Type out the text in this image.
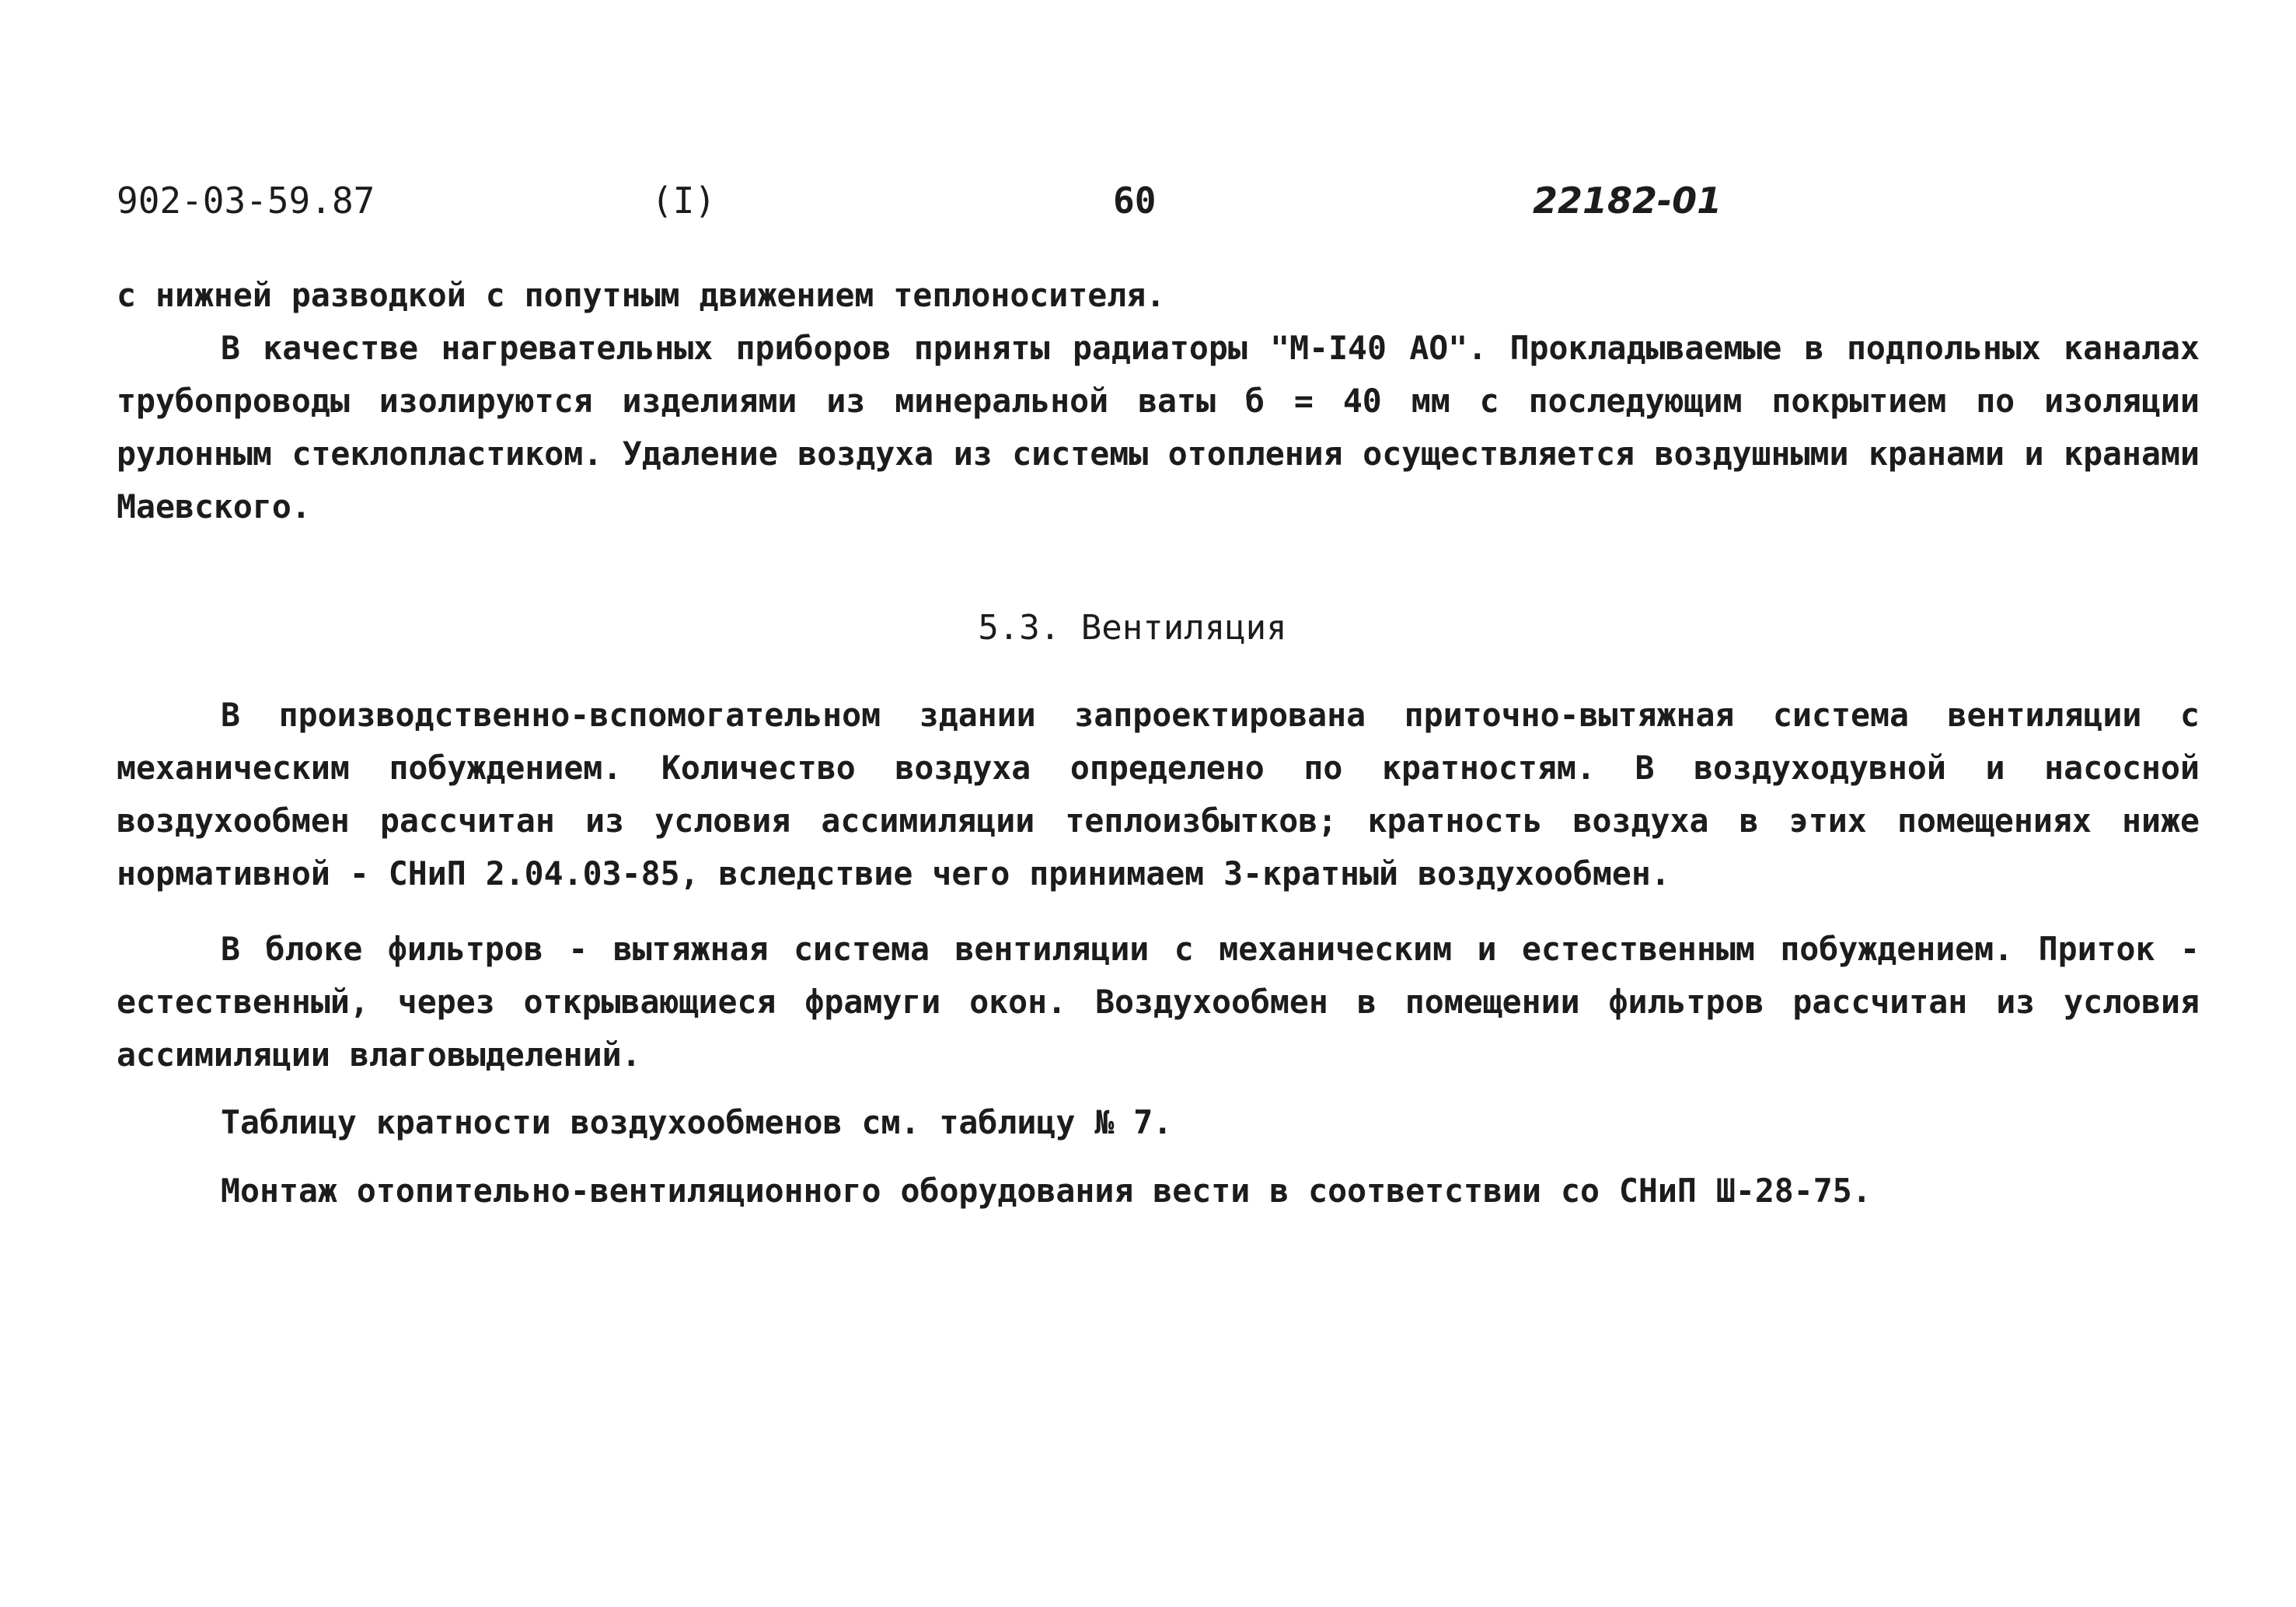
902-03-59.87	(I)	60	22182-01

с нижней разводкой с попутным движением теплоносителя.

В качестве нагревательных приборов приняты радиаторы "М-I40 АО". Прокладываемые в подпольных каналах трубопроводы изолируются изделиями из минеральной ваты б = 40 мм с последующим покрытием по изоляции рулонным стеклопластиком. Удаление воздуха из системы отопления осуществляется воздушными кранами и кранами Маевского.

5.3. Вентиляция

В производственно-вспомогательном здании запроектирована приточно-вытяжная система вентиляции с механическим побуждением. Количество воздуха определено по кратностям. В воздуходувной и насосной воздухообмен рассчитан из условия ассимиляции теплоизбытков; кратность воздуха в этих помещениях ниже нормативной - СНиП 2.04.03-85, вследствие чего принимаем 3-кратный воздухообмен.

В блоке фильтров - вытяжная система вентиляции с механическим и естественным побуждением. Приток - естественный, через открывающиеся фрамуги окон. Воздухообмен в помещении фильтров рассчитан из условия ассимиляции влаговыделений.

Таблицу кратности воздухообменов см. таблицу № 7.

Монтаж отопительно-вентиляционного оборудования вести в соответствии со СНиП Ш-28-75.
